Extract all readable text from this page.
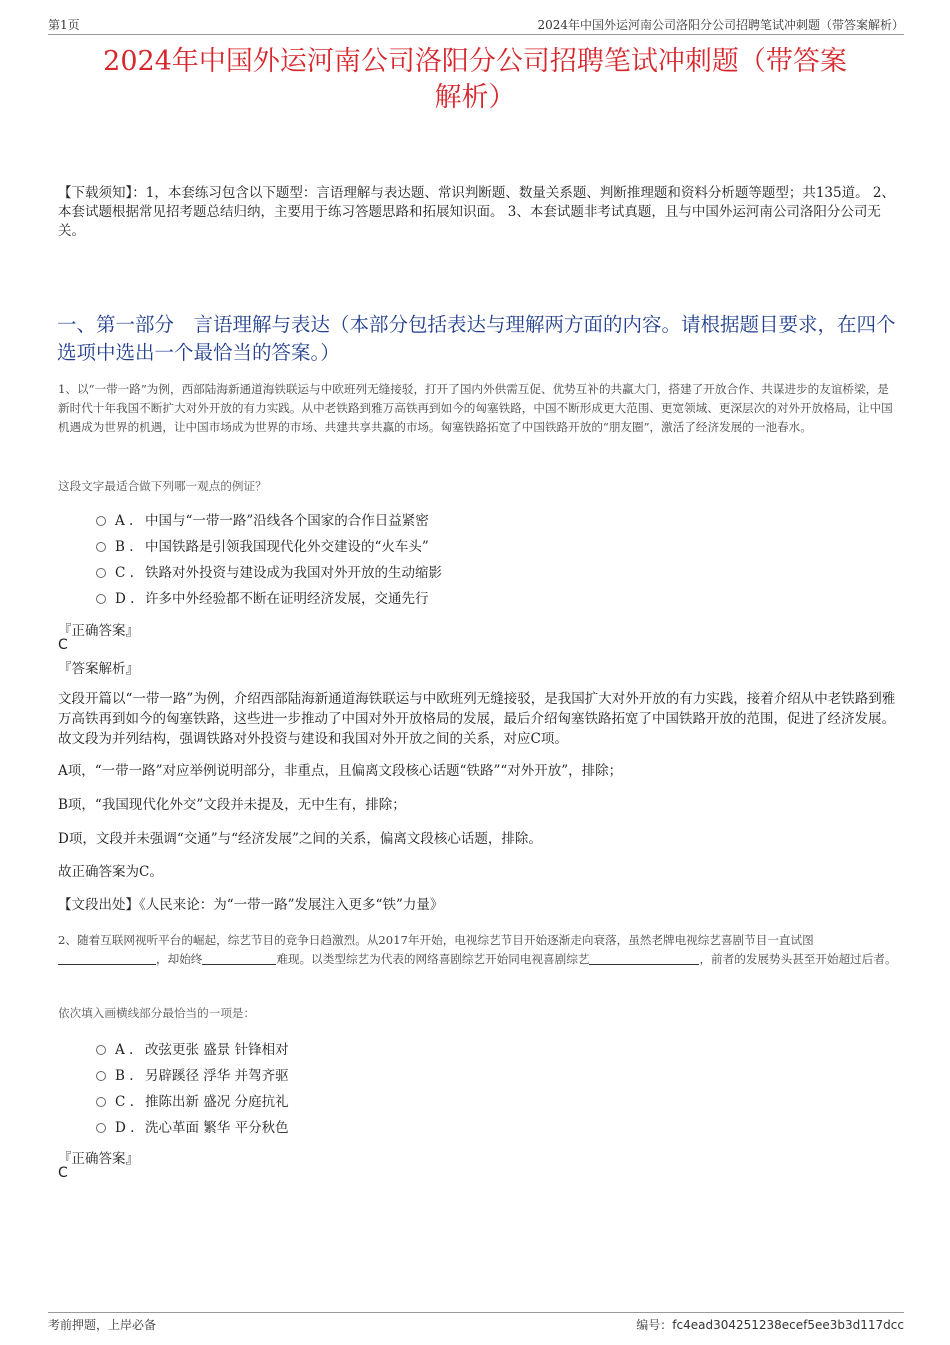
第1页	2024年中国外运河南公司洛阳分公司招聘笔试冲刺题（带答案解析）
2024年中国外运河南公司洛阳分公司招聘笔试冲刺题（带答案
解析）
【下载须知】：1，本套练习包含以下题型：言语理解与表达题、常识判断题、数量关系题、判断推理题和资料分析题等题型；共135道。 2、本套试题根据常见招考题总结归纳，主要用于练习答题思路和拓展知识面。 3、本套试题非考试真题，且与中国外运河南公司洛阳分公司无关。
一、第一部分　言语理解与表达（本部分包括表达与理解两方面的内容。请根据题目要求，在四个选项中选出一个最恰当的答案。）
1、以“一带一路”为例，西部陆海新通道海铁联运与中欧班列无缝接驳，打开了国内外供需互促、优势互补的共赢大门，搭建了开放合作、共谋进步的友谊桥梁，是新时代十年我国不断扩大对外开放的有力实践。从中老铁路到雅万高铁再到如今的匈塞铁路，中国不断形成更大范围、更宽领域、更深层次的对外开放格局，让中国机遇成为世界的机遇，让中国市场成为世界的市场、共建共享共赢的市场。匈塞铁路拓宽了中国铁路开放的“朋友圈”，激活了经济发展的一池春水。
这段文字最适合做下列哪一观点的例证？
A . 中国与“一带一路”沿线各个国家的合作日益紧密
B . 中国铁路是引领我国现代化外交建设的“火车头”
C . 铁路对外投资与建设成为我国对外开放的生动缩影
D . 许多中外经验都不断在证明经济发展，交通先行
『正确答案』
C
『答案解析』
文段开篇以“一带一路”为例，介绍西部陆海新通道海铁联运与中欧班列无缝接驳，是我国扩大对外开放的有力实践，接着介绍从中老铁路到雅万高铁再到如今的匈塞铁路，这些进一步推动了中国对外开放格局的发展，最后介绍匈塞铁路拓宽了中国铁路开放的范围，促进了经济发展。故文段为并列结构，强调铁路对外投资与建设和我国对外开放之间的关系，对应C项。
A项，“一带一路”对应举例说明部分，非重点，且偏离文段核心话题“铁路”“对外开放”，排除；
B项，“我国现代化外交”文段并未提及，无中生有，排除；
D项，文段并未强调“交通”与“经济发展”之间的关系，偏离文段核心话题，排除。
故正确答案为C。
【文段出处】《人民来论：为“一带一路”发展注入更多“铁”力量》
2、随着互联网视听平台的崛起，综艺节目的竞争日趋激烈。从2017年开始，电视综艺节目开始逐渐走向衰落，虽然老牌电视综艺喜剧节目一直试图，却始终	难现。以类型综艺为代表的网络喜剧综艺开始同电视喜剧综艺	，前者的发展势头甚至开始超过后者。
依次填入画横线部分最恰当的一项是：
A . 改弦更张 盛景 针锋相对
B . 另辟蹊径 浮华 并驾齐驱
C . 推陈出新 盛况 分庭抗礼
D . 洗心革面 繁华 平分秋色
『正确答案』
C
考前押题，上岸必备	编号：fc4ead304251238ecef5ee3b3d117dcc
